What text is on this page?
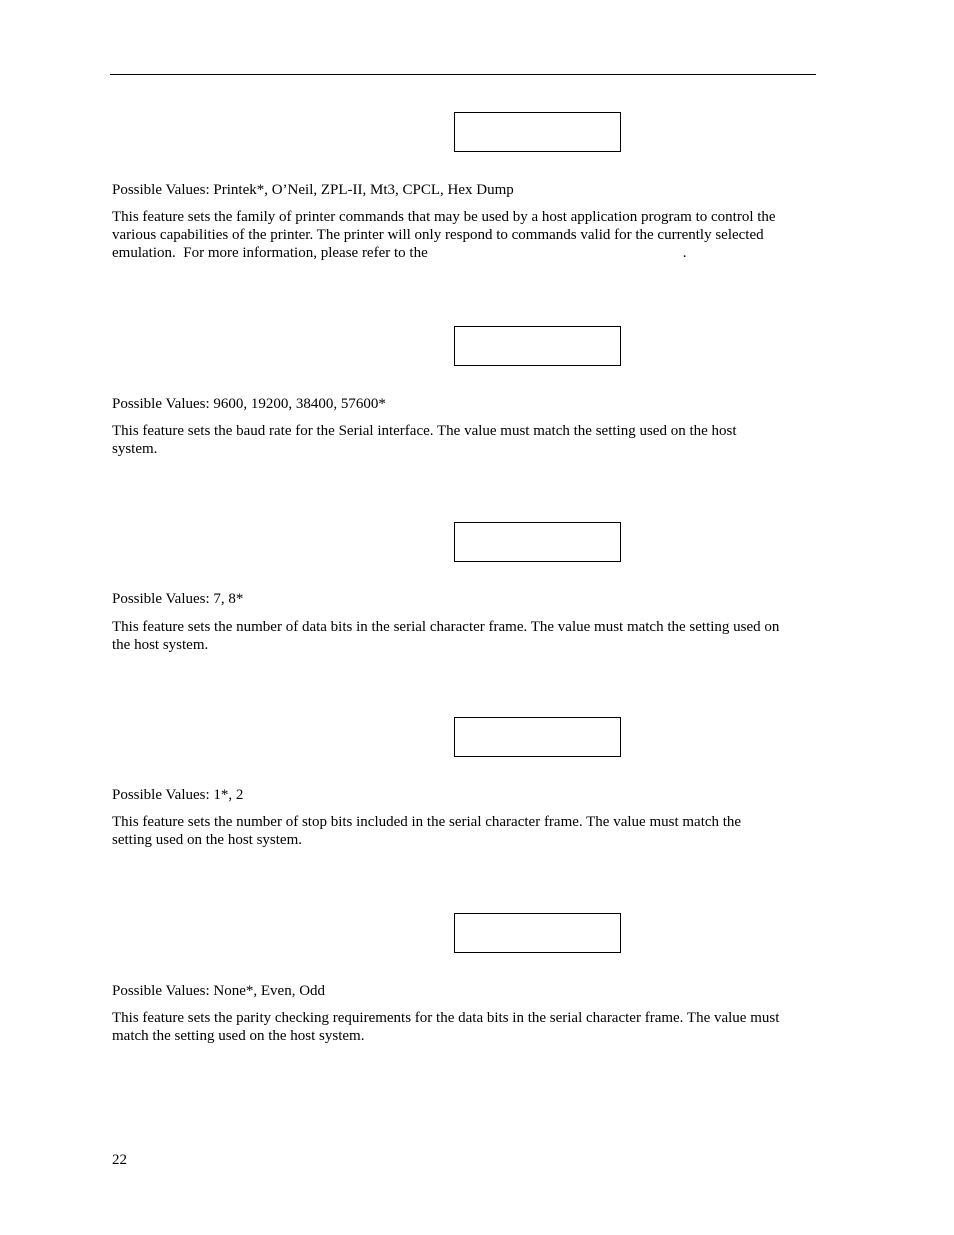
Possible Values: Printek*, O’Neil, ZPL-II, Mt3, CPCL, Hex Dump

This feature sets the family of printer commands that may be used by a host application program to control the
various capabilities of the printer. The printer will only respond to commands valid for the currently selected
emulation.  For more information, please refer to the                                                                    .

Possible Values: 9600, 19200, 38400, 57600*

This feature sets the baud rate for the Serial interface. The value must match the setting used on the host
system.

Possible Values: 7, 8*

This feature sets the number of data bits in the serial character frame. The value must match the setting used on
the host system.

Possible Values: 1*, 2

This feature sets the number of stop bits included in the serial character frame. The value must match the
setting used on the host system.

Possible Values: None*, Even, Odd

This feature sets the parity checking requirements for the data bits in the serial character frame. The value must
match the setting used on the host system.
22
